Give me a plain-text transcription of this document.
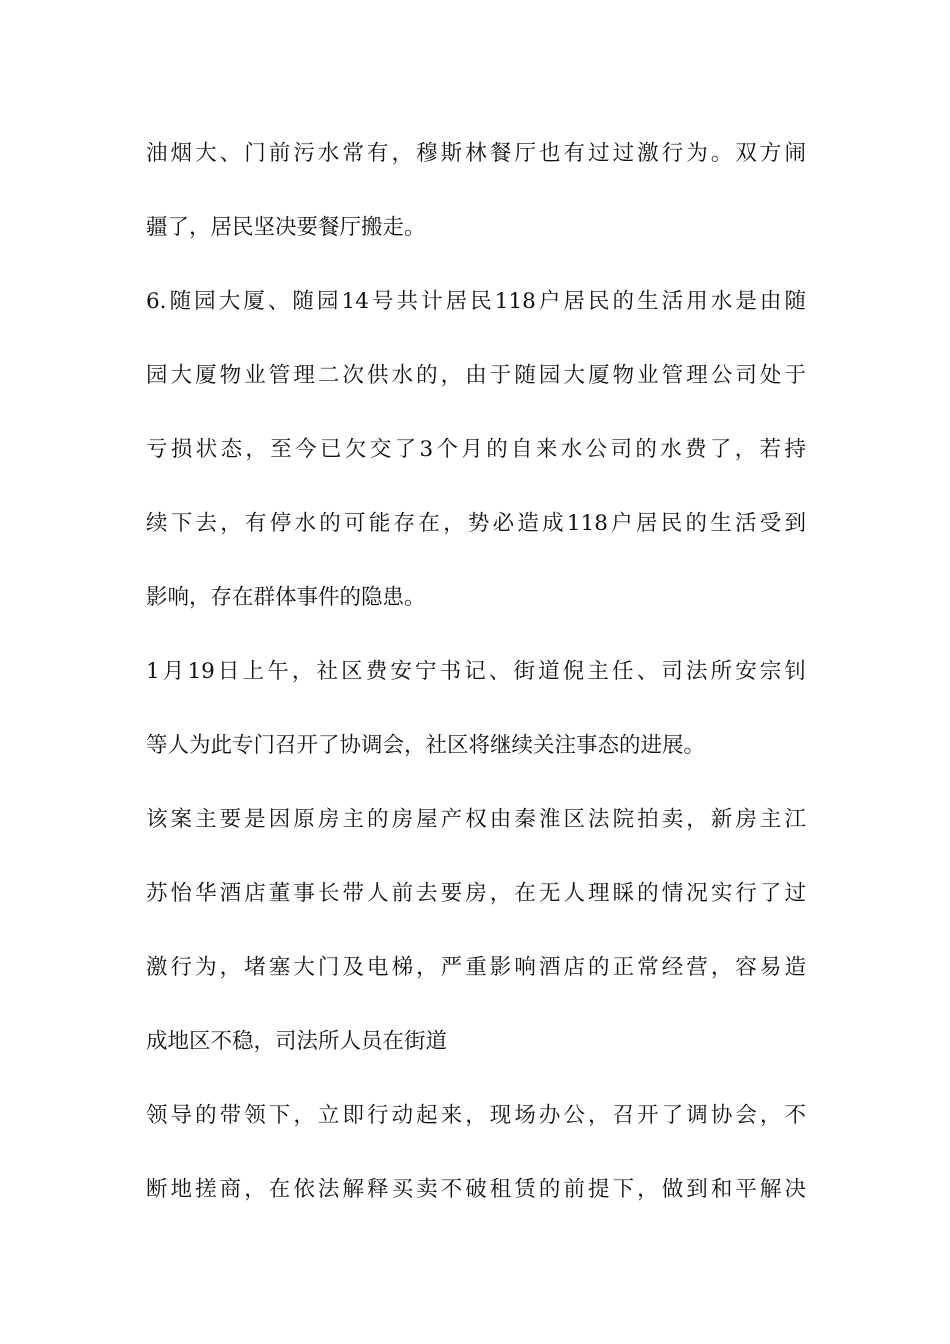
油烟大、门前污水常有，穆斯林餐厅也有过过激行为。双方闹
疆了，居民坚决要餐厅搬走。
6.随园大厦、随园14号共计居民118户居民的生活用水是由随
园大厦物业管理二次供水的，由于随园大厦物业管理公司处于
亏损状态，至今已欠交了3个月的自来水公司的水费了，若持
续下去，有停水的可能存在，势必造成118户居民的生活受到
影响，存在群体事件的隐患。
1月19日上午，社区费安宁书记、街道倪主任、司法所安宗钊
等人为此专门召开了协调会，社区将继续关注事态的进展。
该案主要是因原房主的房屋产权由秦淮区法院拍卖，新房主江
苏怡华酒店董事长带人前去要房，在无人理睬的情况实行了过
激行为，堵塞大门及电梯，严重影响酒店的正常经营，容易造
成地区不稳，司法所人员在街道
领导的带领下，立即行动起来，现场办公，召开了调协会，不
断地搓商，在依法解释买卖不破租赁的前提下，做到和平解决
